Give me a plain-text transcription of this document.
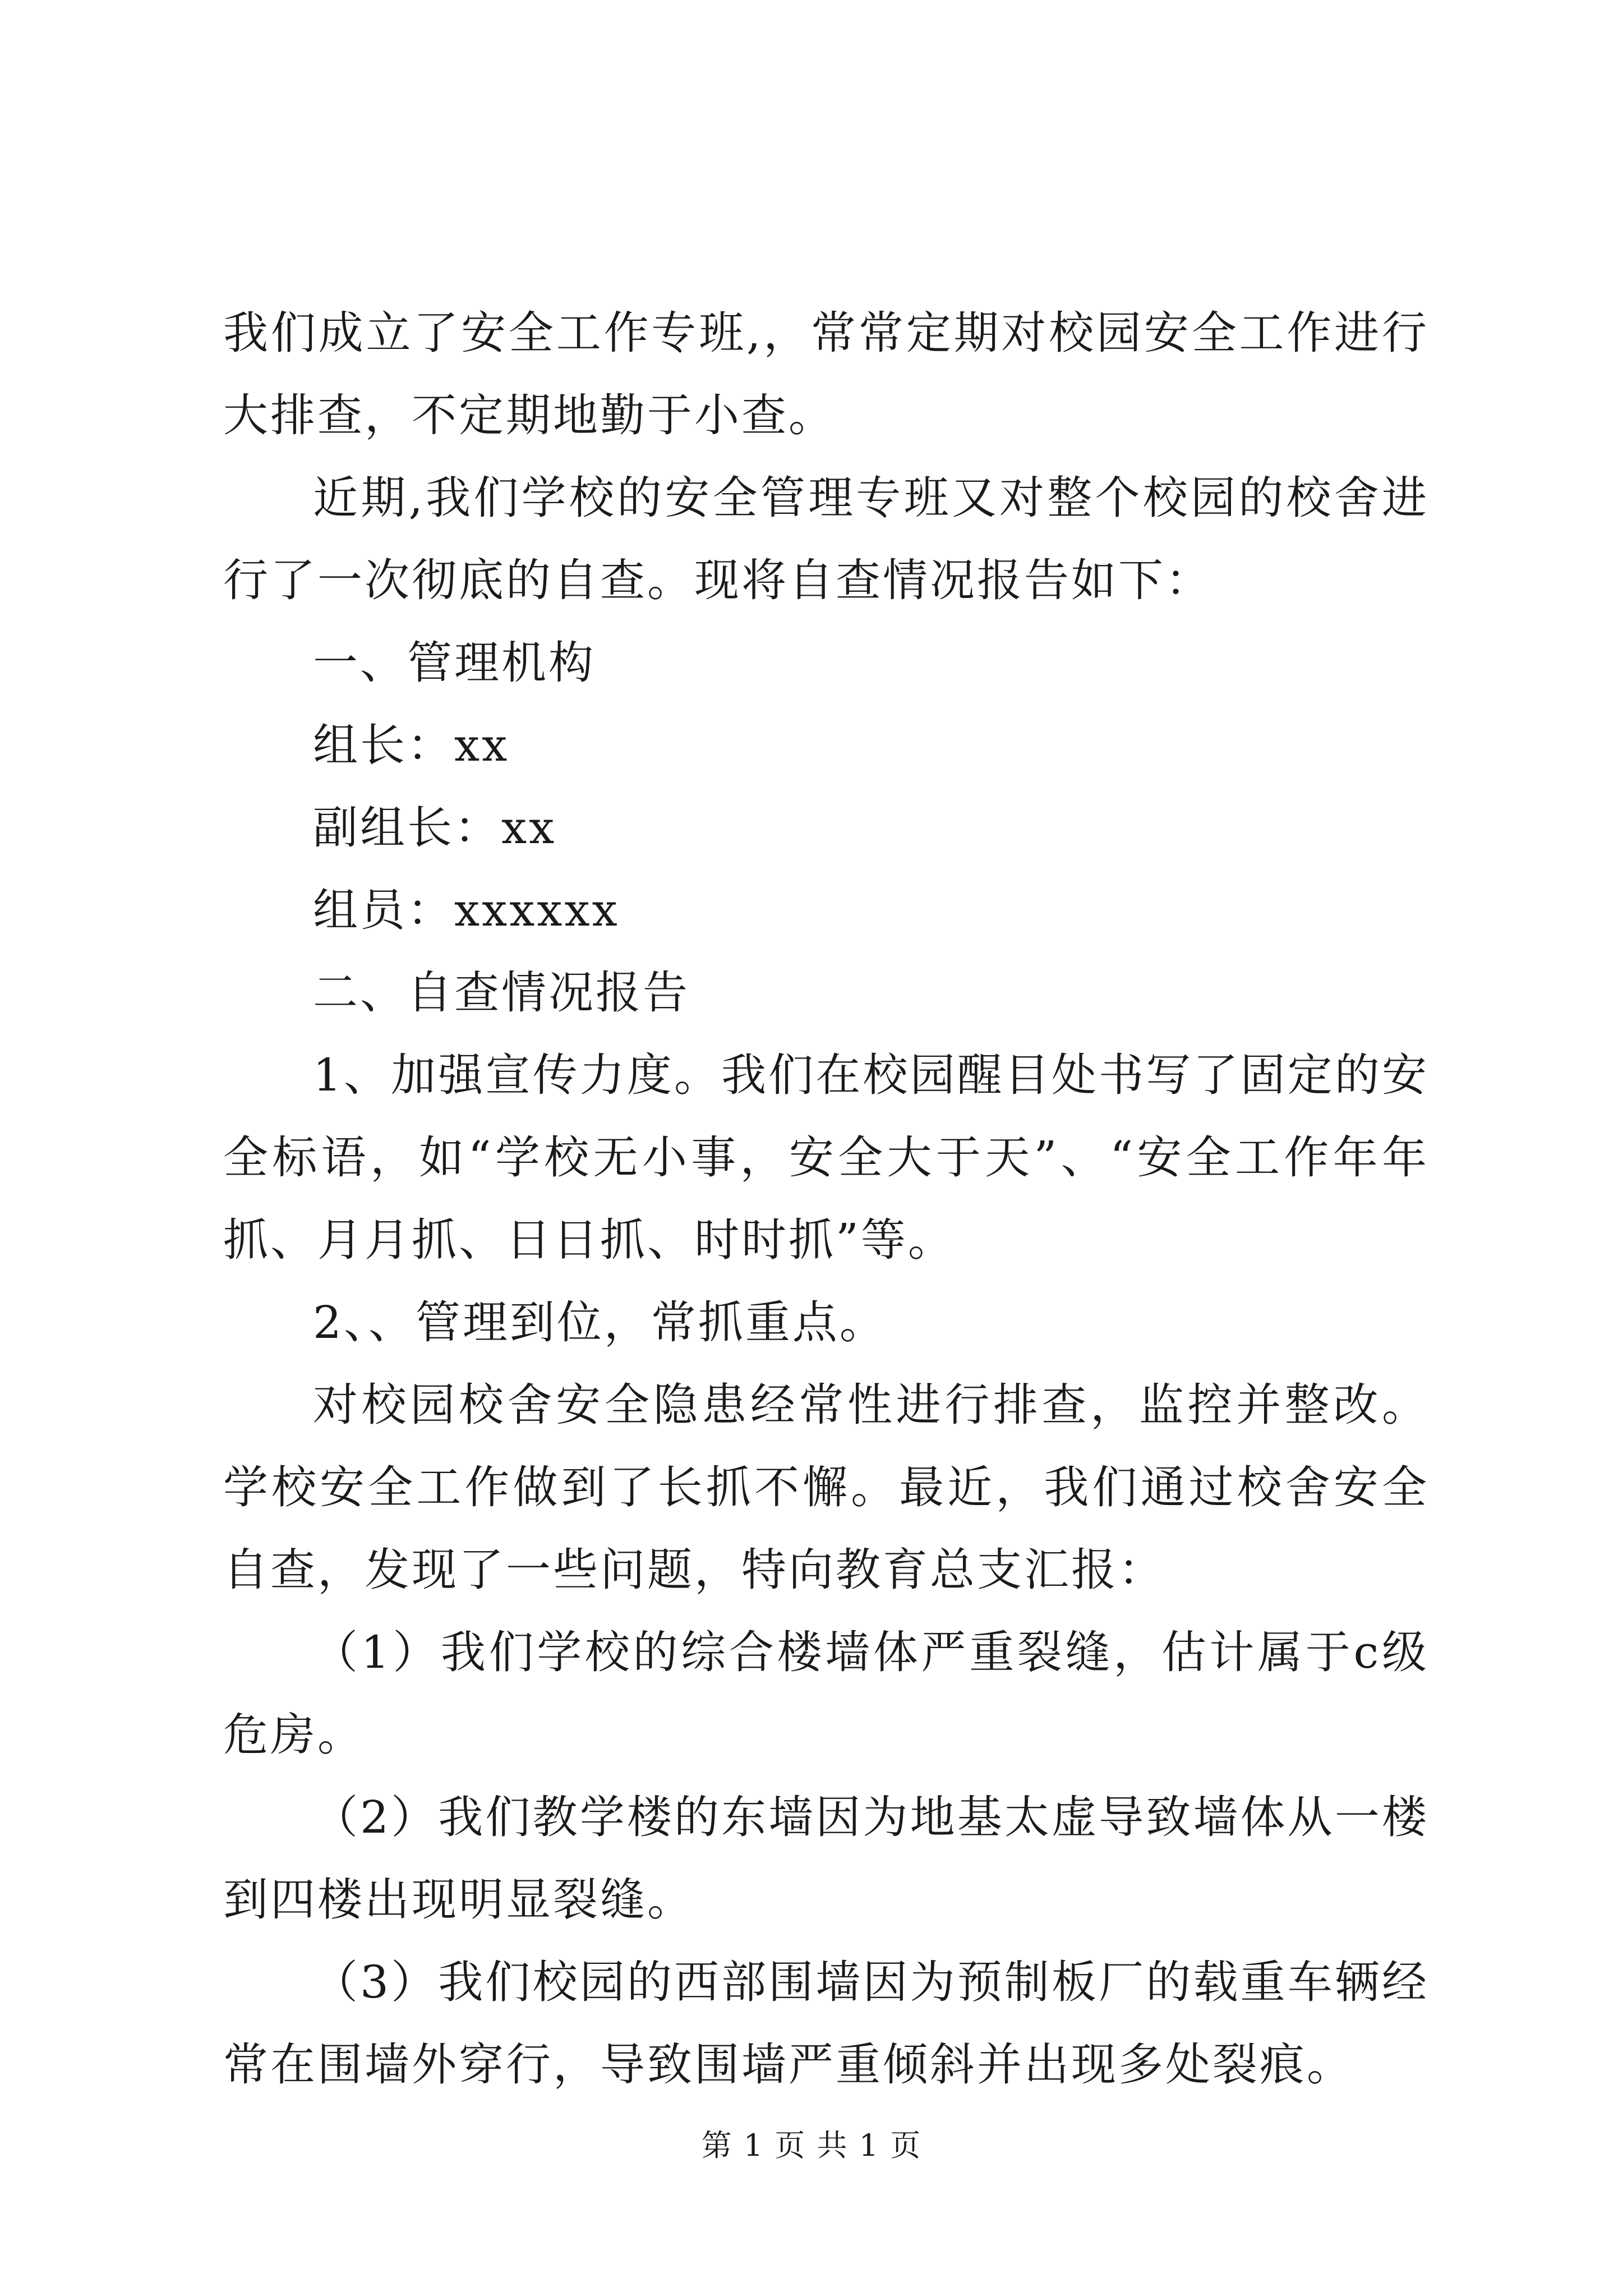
我们成立了安全工作专班,，常常定期对校园安全工作进行大排查，不定期地勤于小查。

近期,我们学校的安全管理专班又对整个校园的校舍进行了一次彻底的自查。现将自查情况报告如下：

一、管理机构

组长：xx

副组长：xx

组员：xxxxxx

二、自查情况报告

1、加强宣传力度。我们在校园醒目处书写了固定的安全标语，如“学校无小事，安全大于天”、“安全工作年年抓、月月抓、日日抓、时时抓”等。

2、、管理到位，常抓重点。

对校园校舍安全隐患经常性进行排查，监控并整改。学校安全工作做到了长抓不懈。最近，我们通过校舍安全自查，发现了一些问题，特向教育总支汇报：

（1）我们学校的综合楼墙体严重裂缝，估计属于c级危房。

（2）我们教学楼的东墙因为地基太虚导致墙体从一楼到四楼出现明显裂缝。

（3）我们校园的西部围墙因为预制板厂的载重车辆经常在围墙外穿行，导致围墙严重倾斜并出现多处裂痕。

第 1 页 共 1 页
